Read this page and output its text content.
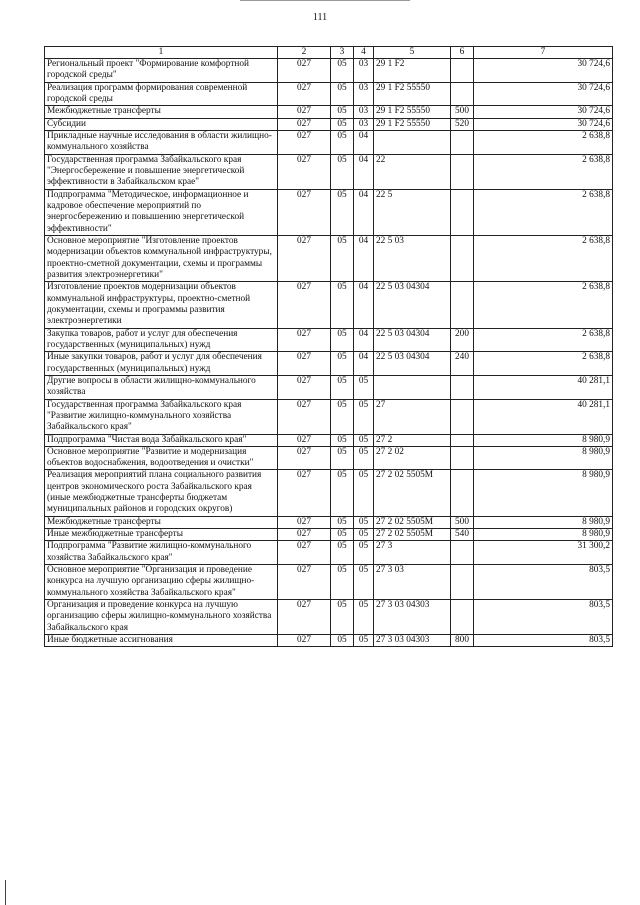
111
1	2	3	4	5	6	7
Региональный проект "Формирование комфортной городской среды"	027	05	03	29 1 F2		30 724,6
Реализация программ формирования современной городской среды	027	05	03	29 1 F2 55550		30 724,6
Межбюджетные трансферты	027	05	03	29 1 F2 55550	500	30 724,6
Субсидии	027	05	03	29 1 F2 55550	520	30 724,6
Прикладные научные исследования в области жилищно-коммунального хозяйства	027	05	04			2 638,8
Государственная программа Забайкальского края "Энергосбережение и повышение энергетической эффективности в Забайкальском крае"	027	05	04	22		2 638,8
Подпрограмма "Методическое, информационное и кадровое обеспечение мероприятий по энергосбережению и повышению энергетической эффективности"	027	05	04	22 5		2 638,8
Основное мероприятие "Изготовление проектов модернизации объектов коммунальной инфраструктуры, проектно-сметной документации, схемы и программы развития электроэнергетики"	027	05	04	22 5 03		2 638,8
Изготовление проектов модернизации объектов коммунальной инфраструктуры, проектно-сметной документации, схемы и программы развития электроэнергетики	027	05	04	22 5 03 04304		2 638,8
Закупка товаров, работ и услуг для обеспечения государственных (муниципальных) нужд	027	05	04	22 5 03 04304	200	2 638,8
Иные закупки товаров, работ и услуг для обеспечения государственных (муниципальных) нужд	027	05	04	22 5 03 04304	240	2 638,8
Другие вопросы в области жилищно-коммунального хозяйства	027	05	05			40 281,1
Государственная программа Забайкальского края "Развитие жилищно-коммунального хозяйства Забайкальского края"	027	05	05	27		40 281,1
Подпрограмма "Чистая вода Забайкальского края"	027	05	05	27 2		8 980,9
Основное мероприятие "Развитие и модернизация объектов водоснабжения, водоотведения и очистки"	027	05	05	27 2 02		8 980,9
Реализация мероприятий плана социального развития центров экономического роста Забайкальского края (иные межбюджетные трансферты бюджетам муниципальных районов и городских округов)	027	05	05	27 2 02 5505M		8 980,9
Межбюджетные трансферты	027	05	05	27 2 02 5505M	500	8 980,9
Иные межбюджетные трансферты	027	05	05	27 2 02 5505M	540	8 980,9
Подпрограмма "Развитие жилищно-коммунального хозяйства Забайкальского края"	027	05	05	27 3		31 300,2
Основное мероприятие "Организация и проведение конкурса на лучшую организацию сферы жилищно-коммунального хозяйства Забайкальского края"	027	05	05	27 3 03		803,5
Организация и проведение конкурса на лучшую организацию сферы жилищно-коммунального хозяйства Забайкальского края	027	05	05	27 3 03 04303		803,5
Иные бюджетные ассигнования	027	05	05	27 3 03 04303	800	803,5
